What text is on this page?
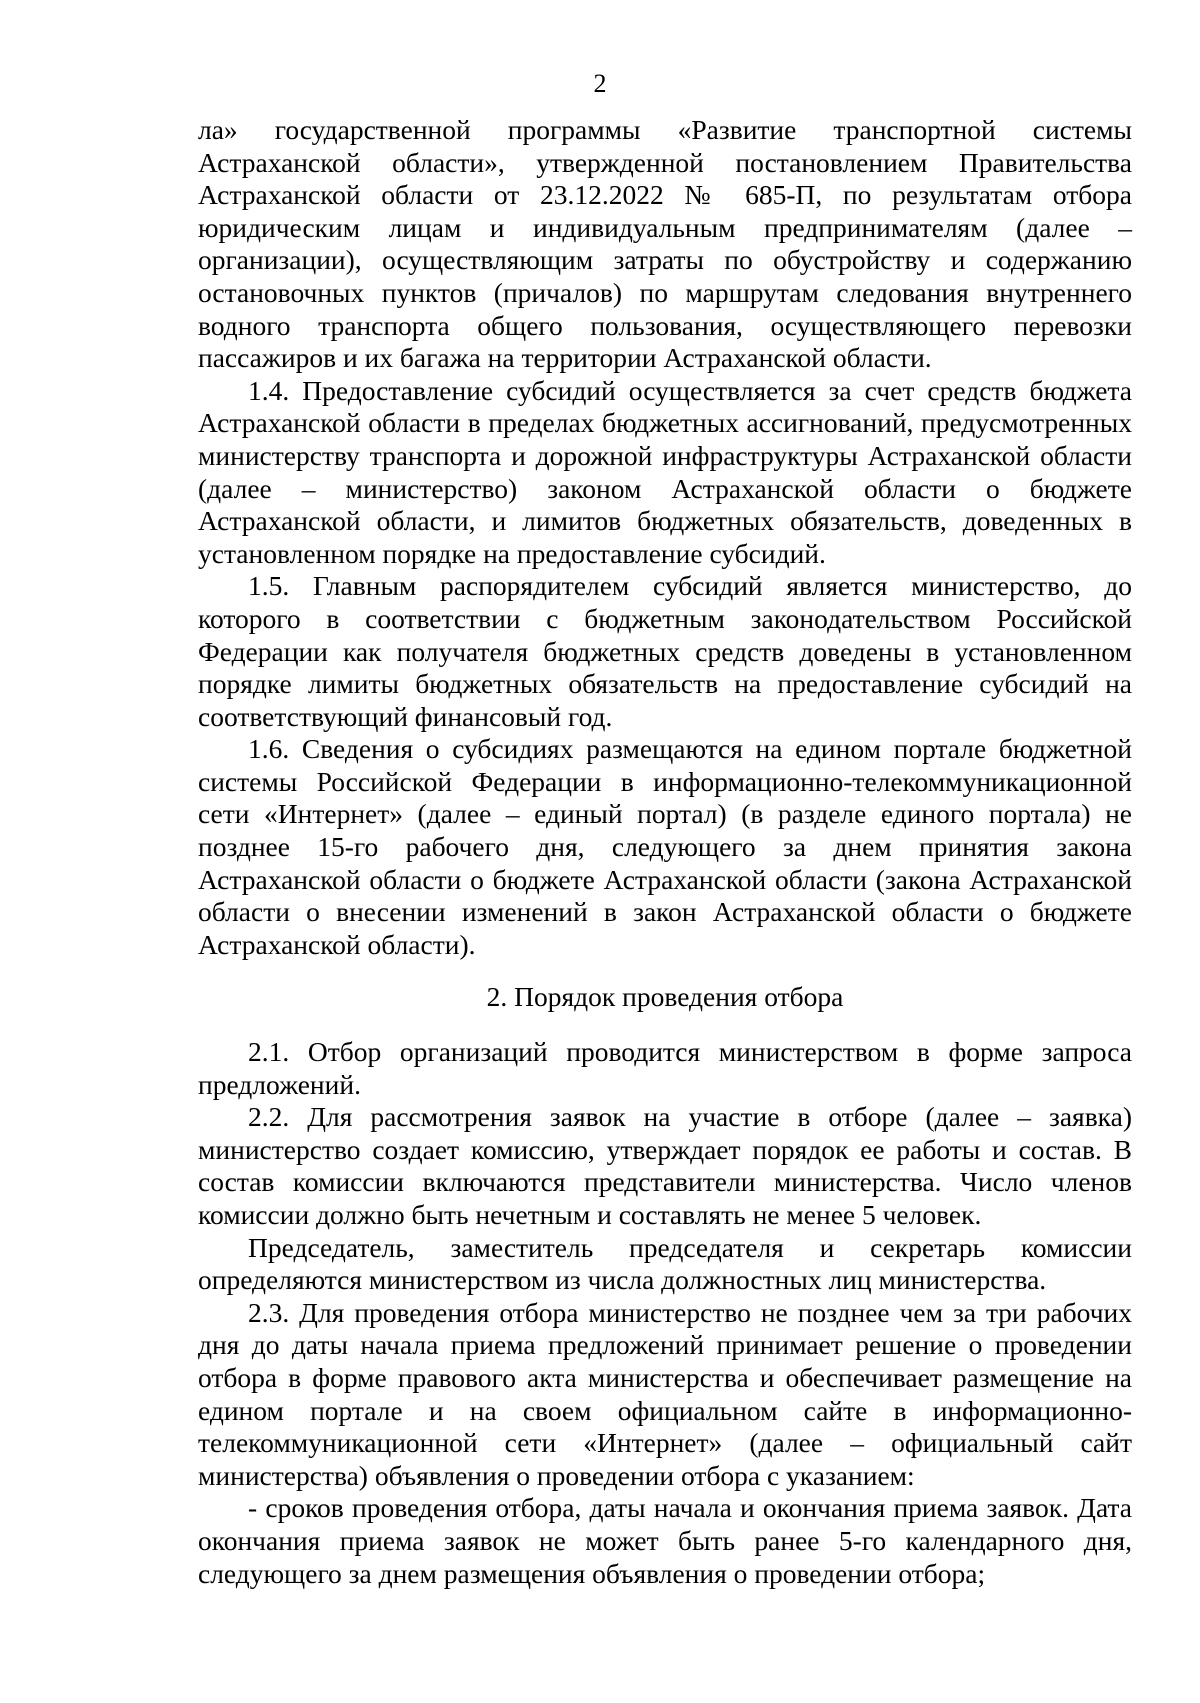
2

ла» государственной программы «Развитие транспортной системы Астраханской области», утвержденной постановлением Правительства Астраханской области от 23.12.2022 № 685-П, по результатам отбора юридическим лицам и индивидуальным предпринимателям (далее – организации), осуществляющим затраты по обустройству и содержанию остановочных пунктов (причалов) по маршрутам следования внутреннего водного транспорта общего пользования, осуществляющего перевозки пассажиров и их багажа на территории Астраханской области.

1.4. Предоставление субсидий осуществляется за счет средств бюджета Астраханской области в пределах бюджетных ассигнований, предусмотренных министерству транспорта и дорожной инфраструктуры Астраханской области (далее – министерство) законом Астраханской области о бюджете Астраханской области, и лимитов бюджетных обязательств, доведенных в установленном порядке на предоставление субсидий.

1.5. Главным распорядителем субсидий является министерство, до которого в соответствии с бюджетным законодательством Российской Федерации как получателя бюджетных средств доведены в установленном порядке лимиты бюджетных обязательств на предоставление субсидий на соответствующий финансовый год.

1.6. Сведения о субсидиях размещаются на едином портале бюджетной системы Российской Федерации в информационно-телекоммуникационной сети «Интернет» (далее – единый портал) (в разделе единого портала) не позднее 15-го рабочего дня, следующего за днем принятия закона Астраханской области о бюджете Астраханской области (закона Астраханской области о внесении изменений в закон Астраханской области о бюджете Астраханской области).

2. Порядок проведения отбора

2.1. Отбор организаций проводится министерством в форме запроса предложений.

2.2. Для рассмотрения заявок на участие в отборе (далее – заявка) министерство создает комиссию, утверждает порядок ее работы и состав. В состав комиссии включаются представители министерства. Число членов комиссии должно быть нечетным и составлять не менее 5 человек.

Председатель, заместитель председателя и секретарь комиссии определяются министерством из числа должностных лиц министерства.

2.3. Для проведения отбора министерство не позднее чем за три рабочих дня до даты начала приема предложений принимает решение о проведении отбора в форме правового акта министерства и обеспечивает размещение на едином портале и на своем официальном сайте в информационно-телекоммуникационной сети «Интернет» (далее – официальный сайт министерства) объявления о проведении отбора с указанием:

- сроков проведения отбора, даты начала и окончания приема заявок. Дата окончания приема заявок не может быть ранее 5-го календарного дня, следующего за днем размещения объявления о проведении отбора;
